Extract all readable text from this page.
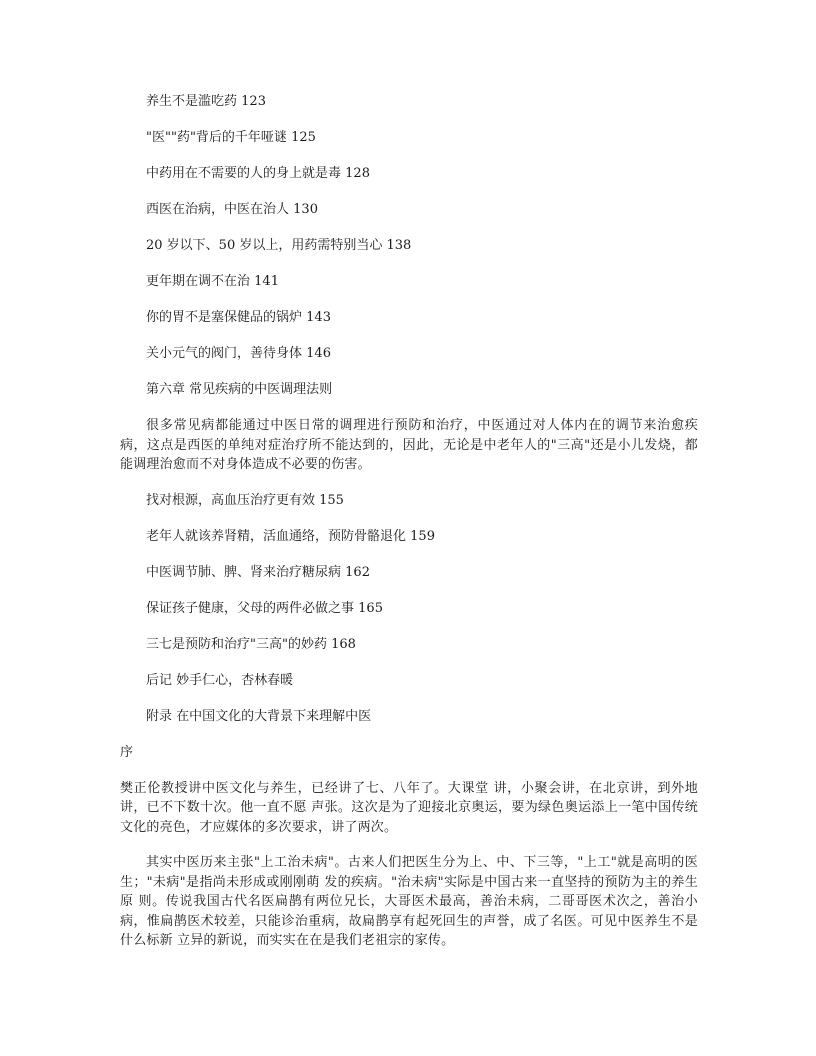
养生不是滥吃药 123

"医""药"背后的千年哑谜 125

中药用在不需要的人的身上就是毒 128

西医在治病，中医在治人 130

20 岁以下、50 岁以上，用药需特别当心 138

更年期在调不在治 141

你的胃不是塞保健品的锅炉 143

关小元气的阀门，善待身体 146

第六章 常见疾病的中医调理法则

很多常见病都能通过中医日常的调理进行预防和治疗，中医通过对人体内在的调节来治愈疾病，这点是西医的单纯对症治疗所不能达到的，因此，无论是中老年人的"三高"还是小儿发烧，都能调理治愈而不对身体造成不必要的伤害。

找对根源，高血压治疗更有效 155

老年人就该养肾精，活血通络，预防骨骼退化 159

中医调节肺、脾、肾来治疗糖尿病 162

保证孩子健康，父母的两件必做之事 165

三七是预防和治疗"三高"的妙药 168

后记 妙手仁心，杏林春暖

附录 在中国文化的大背景下来理解中医

序

樊正伦教授讲中医文化与养生，已经讲了七、八年了。大课堂 讲，小聚会讲，在北京讲，到外地讲，已不下数十次。他一直不愿 声张。这次是为了迎接北京奥运，要为绿色奥运添上一笔中国传统 文化的亮色，才应媒体的多次要求，讲了两次。

其实中医历来主张"上工治未病"。古来人们把医生分为上、中、下三等，"上工"就是高明的医生；"未病"是指尚未形成或刚刚萌 发的疾病。"治未病"实际是中国古来一直坚持的预防为主的养生原 则。传说我国古代名医扁鹊有两位兄长，大哥医术最高，善治未病，二哥哥医术次之，善治小病，惟扁鹊医术较差，只能诊治重病，故扁鹊享有起死回生的声誉，成了名医。可见中医养生不是什么标新 立异的新说，而实实在在是我们老祖宗的家传。
